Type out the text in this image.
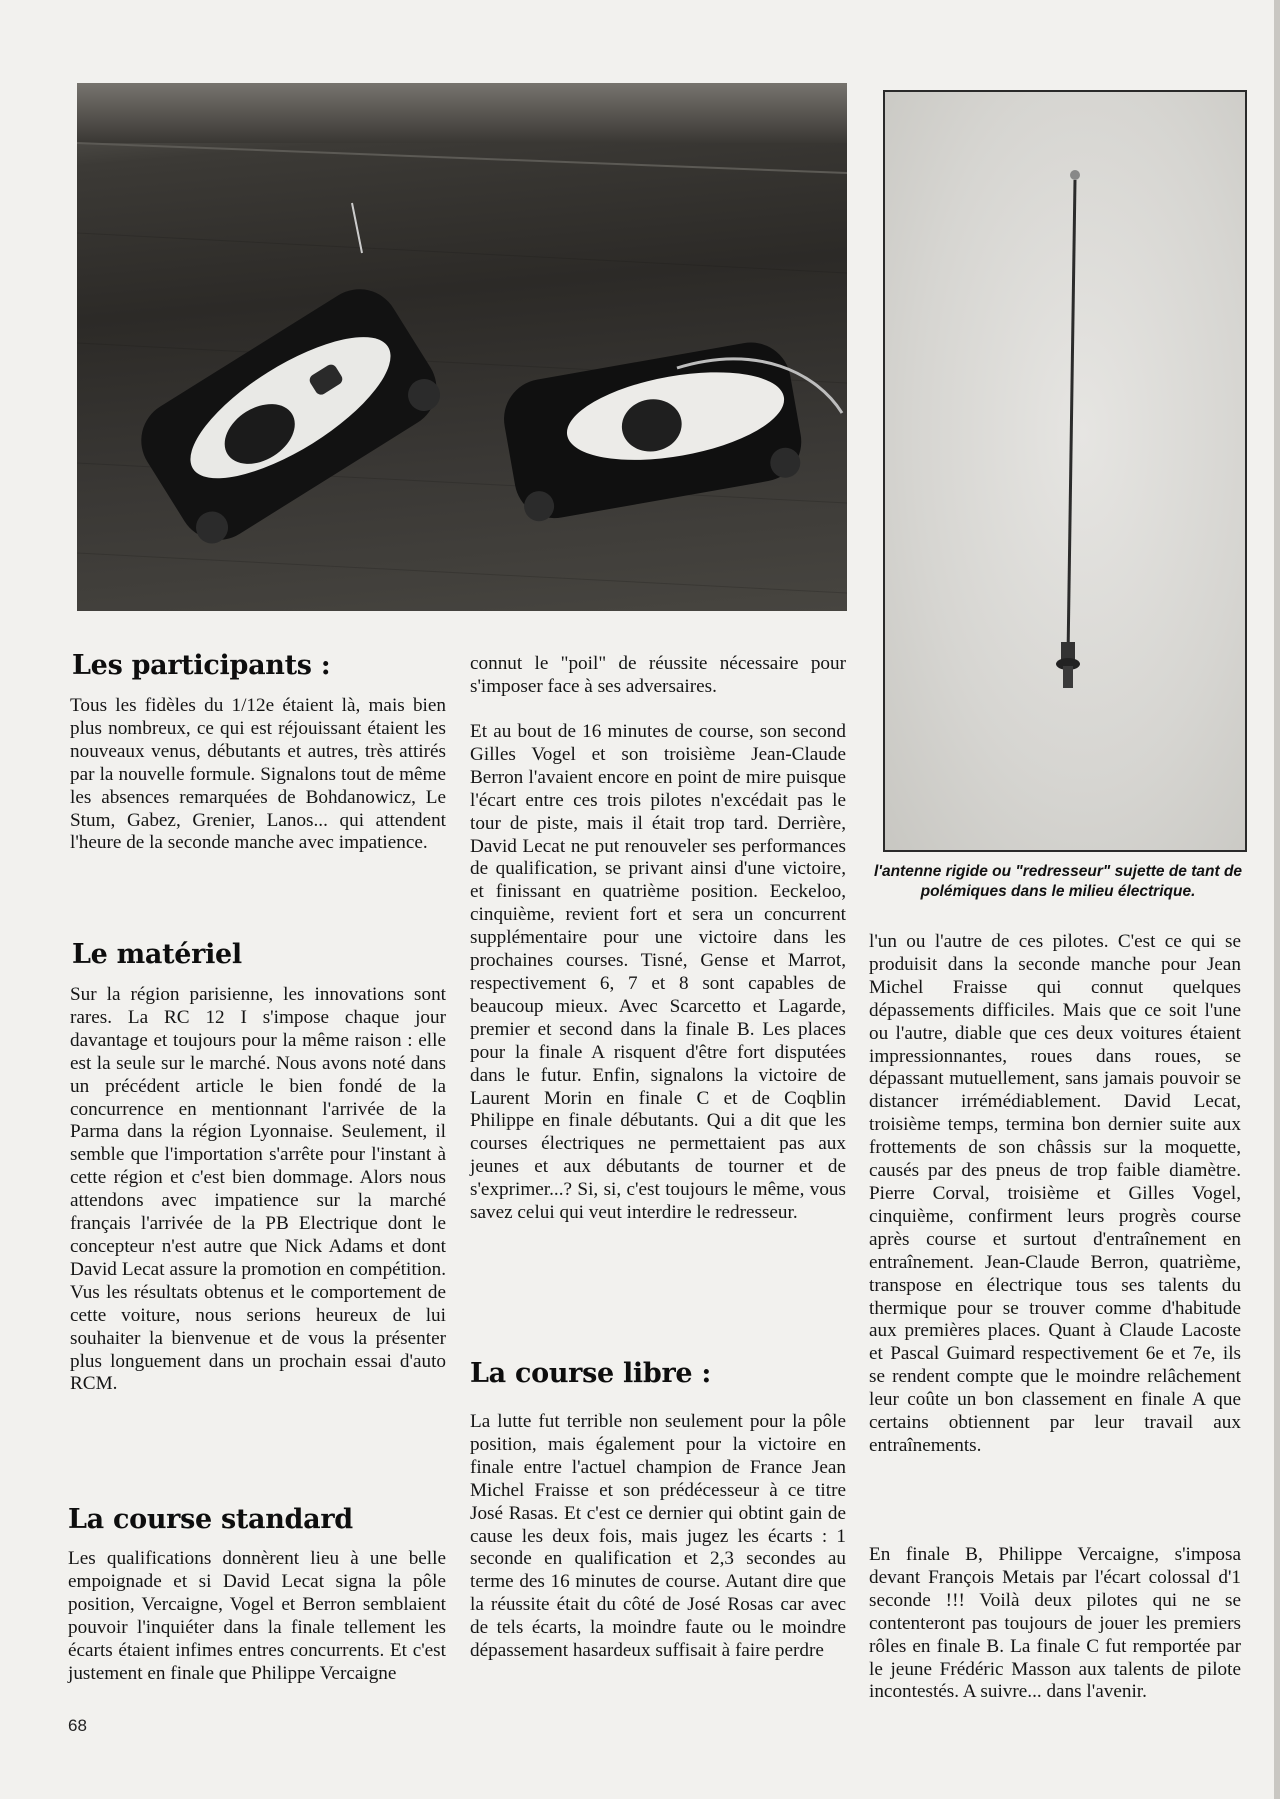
l'antenne rigide ou "redresseur" sujette de tant de polémiques dans le milieu électrique.
Les participants :

Tous les fidèles du 1/12e étaient là, mais bien plus nombreux, ce qui est réjouissant étaient les nouveaux venus, débutants et autres, très attirés par la nouvelle formule. Signalons tout de même les absences remarquées de Bohdanowicz, Le Stum, Gabez, Grenier, Lanos... qui attendent l'heure de la seconde manche avec impatience.

Le matériel

Sur la région parisienne, les innovations sont rares. La RC 12 I s'impose chaque jour davantage et toujours pour la même raison : elle est la seule sur le marché. Nous avons noté dans un précédent article le bien fondé de la concurrence en mentionnant l'arrivée de la Parma dans la région Lyonnaise. Seulement, il semble que l'importation s'arrête pour l'instant à cette région et c'est bien dommage. Alors nous attendons avec impatience sur la marché français l'arrivée de la PB Electrique dont le concepteur n'est autre que Nick Adams et dont David Lecat assure la promotion en compétition. Vus les résultats obtenus et le comportement de cette voiture, nous serions heureux de lui souhaiter la bienvenue et de vous la présenter plus longuement dans un prochain essai d'auto RCM.

La course standard

Les qualifications donnèrent lieu à une belle empoignade et si David Lecat signa la pôle position, Vercaigne, Vogel et Berron semblaient pouvoir l'inquiéter dans la finale tellement les écarts étaient infimes entres concurrents. Et c'est justement en finale que Philippe Vercaigne

68

connut le "poil" de réussite nécessaire pour s'imposer face à ses adversaires.

Et au bout de 16 minutes de course, son second Gilles Vogel et son troisième Jean-Claude Berron l'avaient encore en point de mire puisque l'écart entre ces trois pilotes n'excédait pas le tour de piste, mais il était trop tard. Derrière, David Lecat ne put renouveler ses performances de qualification, se privant ainsi d'une victoire, et finissant en quatrième position. Eeckeloo, cinquième, revient fort et sera un concurrent supplémentaire pour une victoire dans les prochaines courses. Tisné, Gense et Marrot, respectivement 6, 7 et 8 sont capables de beaucoup mieux. Avec Scarcetto et Lagarde, premier et second dans la finale B. Les places pour la finale A risquent d'être fort disputées dans le futur. Enfin, signalons la victoire de Laurent Morin en finale C et de Coqblin Philippe en finale débutants. Qui a dit que les courses électriques ne permettaient pas aux jeunes et aux débutants de tourner et de s'exprimer...? Si, si, c'est toujours le même, vous savez celui qui veut interdire le redresseur.

La course libre :

La lutte fut terrible non seulement pour la pôle position, mais également pour la victoire en finale entre l'actuel champion de France Jean Michel Fraisse et son prédécesseur à ce titre José Rasas. Et c'est ce dernier qui obtint gain de cause les deux fois, mais jugez les écarts : 1 seconde en qualification et 2,3 secondes au terme des 16 minutes de course. Autant dire que la réussite était du côté de José Rosas car avec de tels écarts, la moindre faute ou le moindre dépassement hasardeux suffisait à faire perdre

l'un ou l'autre de ces pilotes. C'est ce qui se produisit dans la seconde manche pour Jean Michel Fraisse qui connut quelques dépassements difficiles. Mais que ce soit l'une ou l'autre, diable que ces deux voitures étaient impressionnantes, roues dans roues, se dépassant mutuellement, sans jamais pouvoir se distancer irrémédiablement. David Lecat, troisième temps, termina bon dernier suite aux frottements de son châssis sur la moquette, causés par des pneus de trop faible diamètre. Pierre Corval, troisième et Gilles Vogel, cinquième, confirment leurs progrès course après course et surtout d'entraînement en entraînement. Jean-Claude Berron, quatrième, transpose en électrique tous ses talents du thermique pour se trouver comme d'habitude aux premières places. Quant à Claude Lacoste et Pascal Guimard respectivement 6e et 7e, ils se rendent compte que le moindre relâchement leur coûte un bon classement en finale A que certains obtiennent par leur travail aux entraînements.

En finale B, Philippe Vercaigne, s'imposa devant François Metais par l'écart colossal d'1 seconde !!! Voilà deux pilotes qui ne se contenteront pas toujours de jouer les premiers rôles en finale B. La finale C fut remportée par le jeune Frédéric Masson aux talents de pilote incontestés. A suivre... dans l'avenir.
